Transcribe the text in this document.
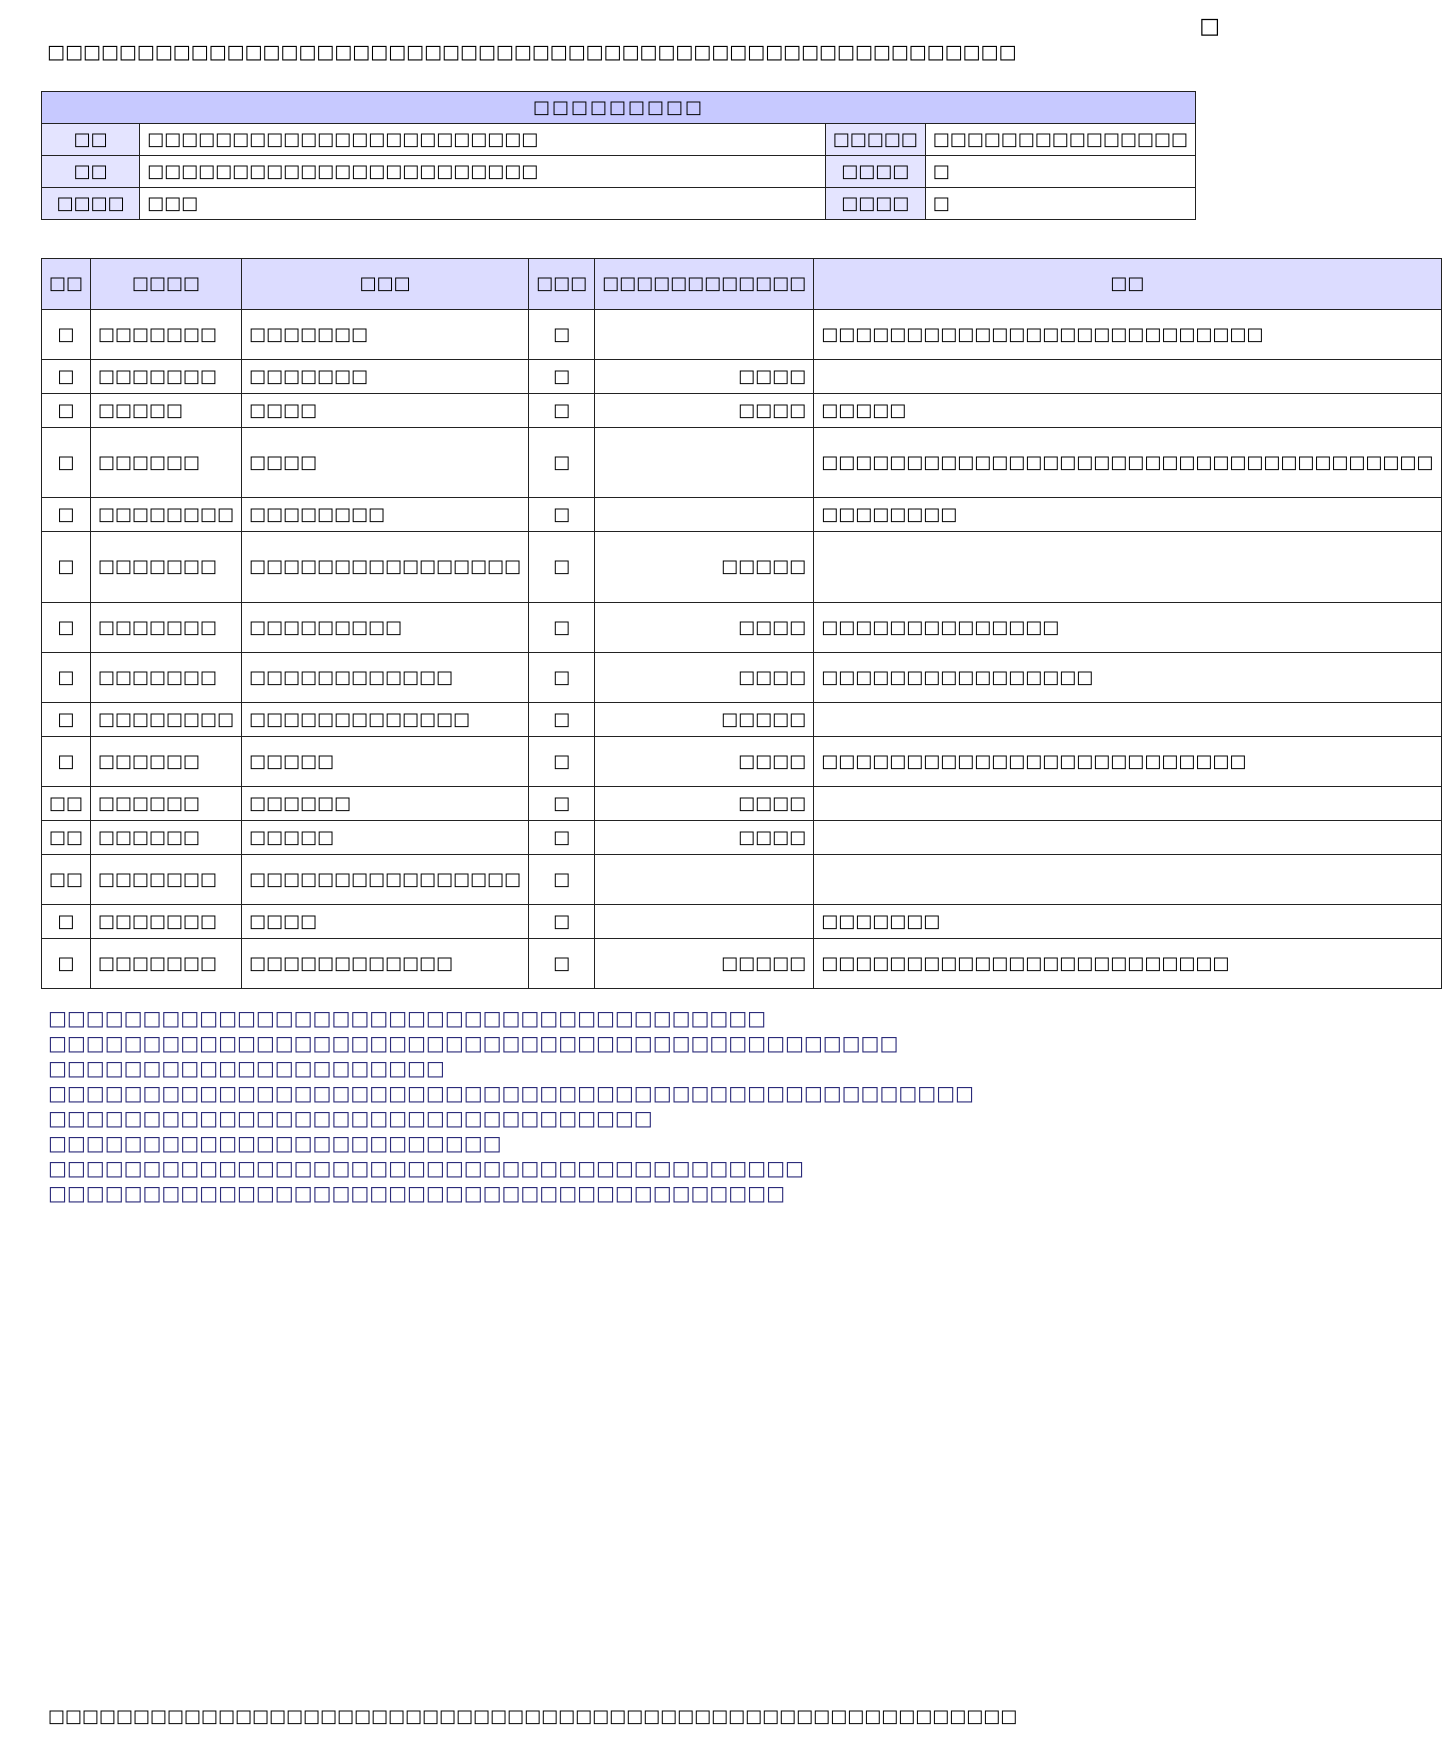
□
□□□□□□□□□□□□□□□□□□□□□□□□□□□□□□□□□□□□□□□□□□□□□□□□□□□□□□
□□□□□□□□□			
□□	□□□□□□□□□□□□□□□□□□□□□□□	□□□□□	□□□□□□□□□□□□□□□
□□	□□□□□□□□□□□□□□□□□□□□□□□	□□□□	□
□□□□	□□□	□□□□	□
□□	□□□□	□□□	□□□	□□□□□□□□□□□□	□□
□	□□□□□□□	□□□□□□□	□		□□□□□□□□□□□□□□□□□□□□□□□□□□
□	□□□□□□□	□□□□□□□	□	□□□□	
□	□□□□□	□□□□	□	□□□□	□□□□□
□	□□□□□□	□□□□	□		□□□□□□□□□□□□□□□□□□□□□□□□□□□□□□□□□□□□
□	□□□□□□□□	□□□□□□□□	□		□□□□□□□□
□	□□□□□□□	□□□□□□□□□□□□□□□□	□	□□□□□	
□	□□□□□□□	□□□□□□□□□	□	□□□□	□□□□□□□□□□□□□□
□	□□□□□□□	□□□□□□□□□□□□	□	□□□□	□□□□□□□□□□□□□□□□
□	□□□□□□□□	□□□□□□□□□□□□□	□	□□□□□	
□	□□□□□□	□□□□□	□	□□□□	□□□□□□□□□□□□□□□□□□□□□□□□□
□□	□□□□□□	□□□□□□	□	□□□□	
□□	□□□□□□	□□□□□	□	□□□□	
□□	□□□□□□□	□□□□□□□□□□□□□□□□	□		
□	□□□□□□□	□□□□	□		□□□□□□□
□	□□□□□□□	□□□□□□□□□□□□	□	□□□□□	□□□□□□□□□□□□□□□□□□□□□□□□
□□□□□□□□□□□□□□□□□□□□□□□□□□□□□□□□□□□□□□
□□□□□□□□□□□□□□□□□□□□□□□□□□□□□□□□□□□□□□□□□□□□□
□□□□□□□□□□□□□□□□□□□□□
□□□□□□□□□□□□□□□□□□□□□□□□□□□□□□□□□□□□□□□□□□□□□□□□□
□□□□□□□□□□□□□□□□□□□□□□□□□□□□□□□□
□□□□□□□□□□□□□□□□□□□□□□□□
□□□□□□□□□□□□□□□□□□□□□□□□□□□□□□□□□□□□□□□□
□□□□□□□□□□□□□□□□□□□□□□□□□□□□□□□□□□□□□□□
□□□□□□□□□□□□□□□□□□□□□□□□□□□□□□□□□□□□□□□□□□□□□□□□□□□□□□□□□
